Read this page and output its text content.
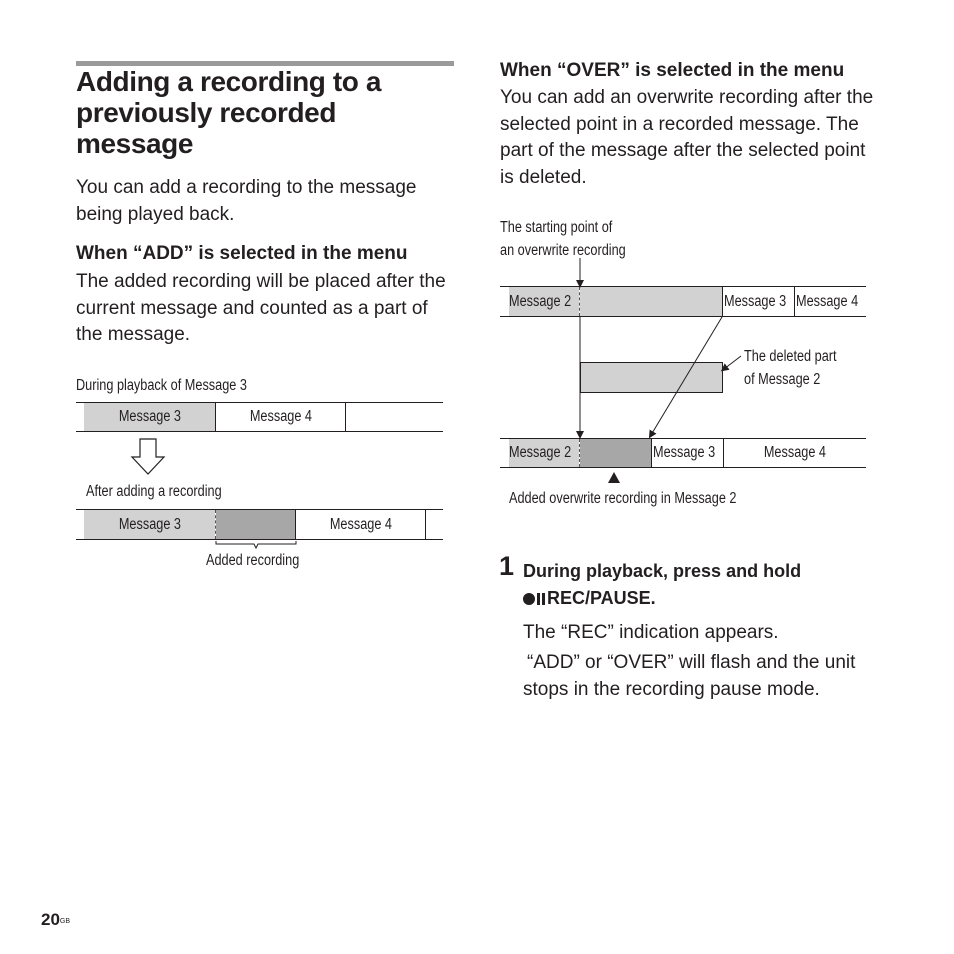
Adding a recording to a previously recorded message
You can add a recording to the message being played back.
When “ADD” is selected in the menu
The added recording will be placed after the current message and counted as a part of the message.
During playback of Message 3
Message 3	Message 4
After adding a recording
Message 3	Message 4
Added recording
When “OVER” is selected in the menu
You can add an overwrite recording after the selected point in a recorded message. The part of the message after the selected point is deleted.
The starting point of
an overwrite recording
Message 2	Message 3 Message 4
The deleted part
of Message 2
Message 2	Message 3	Message 4
Added overwrite recording in Message 2
1 During playback, press and hold
REC/PAUSE.
The “REC” indication appears.
“ADD” or “OVER” will flash and the unit stops in the recording pause mode.
$20^{GB}$
